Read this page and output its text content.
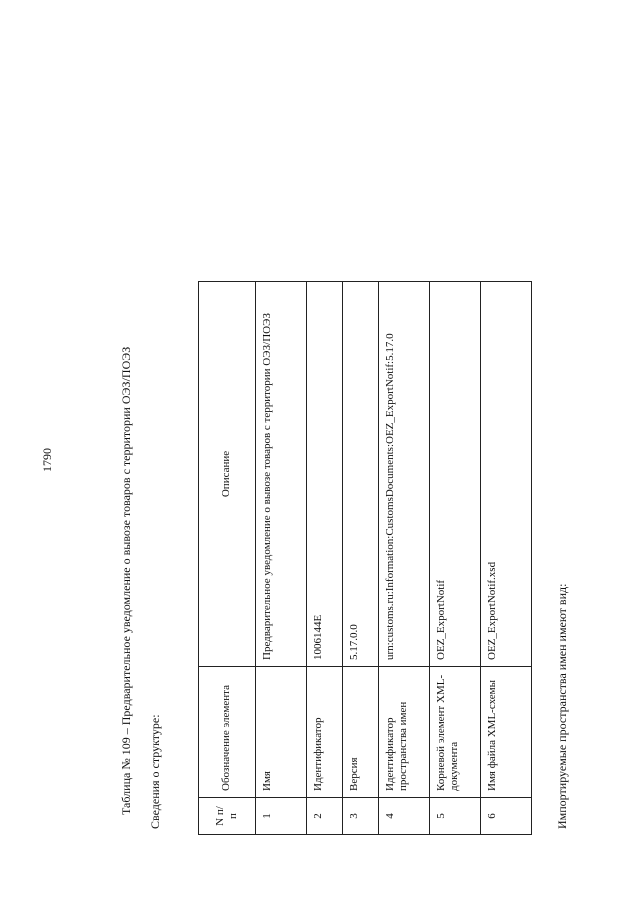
1790	Таблица № 109 – Предварительное уведомление о вывозе товаров с территории ОЭЗ/ПОЭЗ Сведения о структуре:	N п/п	Обозначение элемента	Описание
1	Имя	Предварительное уведомление о вывозе товаров с территории ОЭЗ/ПОЭЗ
2	Идентификатор	1006144E
3	Версия	5.17.0.0
4	Идентификатор пространства имен	urn:customs.ru:Information:CustomsDocuments:OEZ_ExportNotif:5.17.0
5	Корневой элемент XML-документа	OEZ_ExportNotif
6	Имя файла XML-схемы	OEZ_ExportNotif.xsd	Импортируемые пространства имен имеют вид:
